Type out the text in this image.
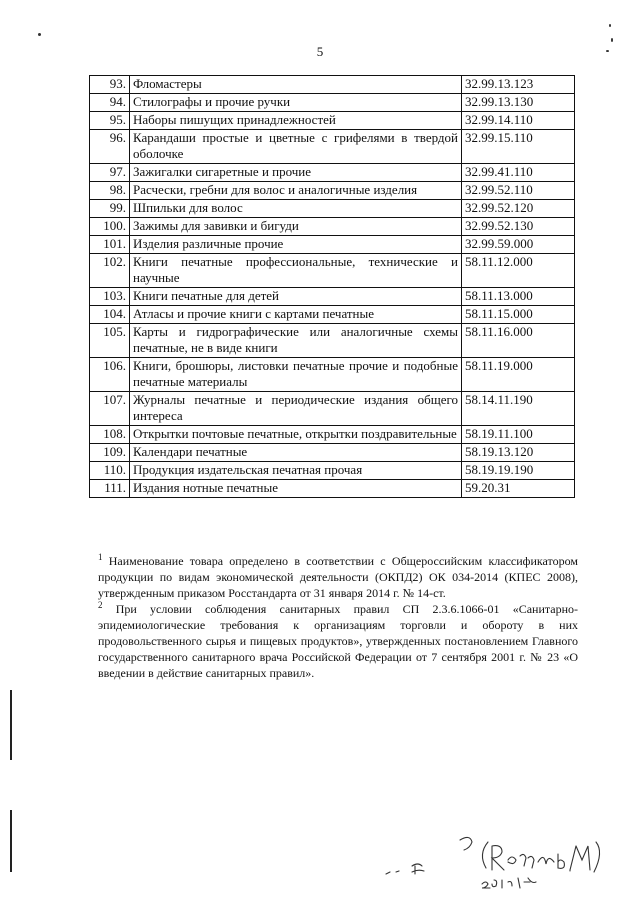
5
93.	Фломастеры	32.99.13.123
94.	Стилографы и прочие ручки	32.99.13.130
95.	Наборы пишущих принадлежностей	32.99.14.110
96.	Карандаши простые и цветные с грифелями в твердой оболочке	32.99.15.110
97.	Зажигалки сигаретные и прочие	32.99.41.110
98.	Расчески, гребни для волос и аналогичные изделия	32.99.52.110
99.	Шпильки для волос	32.99.52.120
100.	Зажимы для завивки и бигуди	32.99.52.130
101.	Изделия различные прочие	32.99.59.000
102.	Книги печатные профессиональные, технические и научные	58.11.12.000
103.	Книги печатные для детей	58.11.13.000
104.	Атласы и прочие книги с картами печатные	58.11.15.000
105.	Карты и гидрографические или аналогичные схемы печатные, не в виде книги	58.11.16.000
106.	Книги, брошюры, листовки печатные прочие и подобные печатные материалы	58.11.19.000
107.	Журналы печатные и периодические издания общего интереса	58.14.11.190
108.	Открытки почтовые печатные, открытки поздравительные	58.19.11.100
109.	Календари печатные	58.19.13.120
110.	Продукция издательская печатная прочая	58.19.19.190
111.	Издания нотные печатные	59.20.31

$^1$ Наименование товара определено в соответствии с Общероссийским классификатором продукции по видам экономической деятельности (ОКПД2) ОК 034-2014 (КПЕС 2008), утвержденным приказом Росстандарта от 31 января 2014 г. № 14-ст.

$^2$ При условии соблюдения санитарных правил СП 2.3.6.1066-01 «Санитарно-эпидемиологические требования к организациям торговли и обороту в них продовольственного сырья и пищевых продуктов», утвержденных постановлением Главного государственного санитарного врача Российской Федерации от 7 сентября 2001 г. № 23 «О введении в действие санитарных правил».
